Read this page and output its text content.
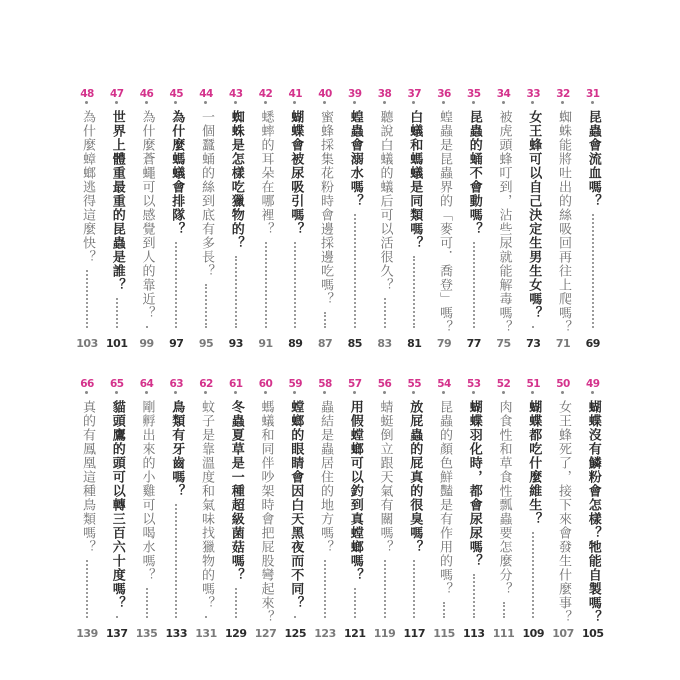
31
昆蟲會流血嗎？
69
32
蜘蛛能將吐出的絲吸回再往上爬嗎？
71
33
女王蜂可以自己決定生男生女嗎？
73
34
被虎頭蜂叮到，沾些尿就能解毒嗎？
75
35
昆蟲的蛹不會動嗎？
77
36
蝗蟲是昆蟲界的「麥可．喬登」嗎？
79
37
白蟻和螞蟻是同類嗎？
81
38
聽說白蟻的蟻后可以活很久？
83
39
蝗蟲會溺水嗎？
85
40
蜜蜂採集花粉時會邊採邊吃嗎？
87
41
蝴蝶會被尿吸引嗎？
89
42
蟋蟀的耳朵在哪裡？
91
43
蜘蛛是怎樣吃獵物的？
93
44
一個蠶蛹的絲到底有多長？
95
45
為什麼螞蟻會排隊？
97
46
為什麼蒼蠅可以感覺到人的靠近？
99
47
世界上體重最重的昆蟲是誰？
101
48
為什麼蟑螂逃得這麼快？
103
49
蝴蝶沒有鱗粉會怎樣？牠能自製嗎？
105
50
女王蜂死了，接下來會發生什麼事？
107
51
蝴蝶都吃什麼維生？
109
52
肉食性和草食性瓢蟲要怎麼分？
111
53
蝴蝶羽化時，都會尿尿嗎？
113
54
昆蟲的顏色鮮豔是有作用的嗎？
115
55
放屁蟲的屁真的很臭嗎？
117
56
蜻蜓倒立跟天氣有關嗎？
119
57
用假螳螂可以釣到真螳螂嗎？
121
58
蟲結是蟲居住的地方嗎？
123
59
螳螂的眼睛會因白天黑夜而不同？
125
60
螞蟻和同伴吵架時會把屁股彎起來？
127
61
冬蟲夏草是一種超級菌菇嗎？
129
62
蚊子是靠溫度和氣味找獵物的嗎？
131
63
鳥類有牙齒嗎？
133
64
剛孵出來的小雞可以喝水嗎？
135
65
貓頭鷹的頭可以轉三百六十度嗎？
137
66
真的有鳳凰這種鳥類嗎？
139
